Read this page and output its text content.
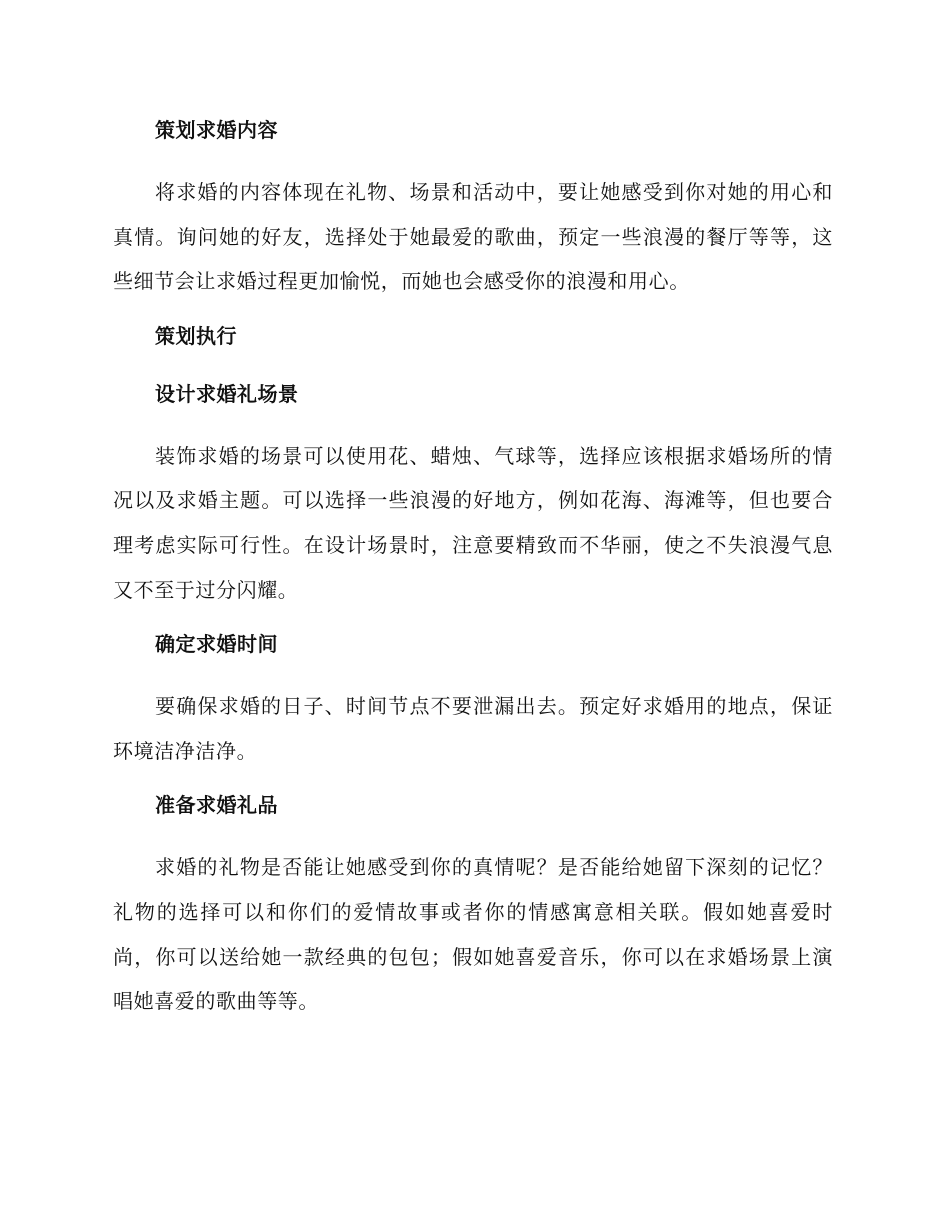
策划求婚内容

将求婚的内容体现在礼物、场景和活动中，要让她感受到你对她的用心和真情。询问她的好友，选择处于她最爱的歌曲，预定一些浪漫的餐厅等等，这些细节会让求婚过程更加愉悦，而她也会感受你的浪漫和用心。

策划执行
设计求婚礼场景

装饰求婚的场景可以使用花、蜡烛、气球等，选择应该根据求婚场所的情况以及求婚主题。可以选择一些浪漫的好地方，例如花海、海滩等，但也要合理考虑实际可行性。在设计场景时，注意要精致而不华丽，使之不失浪漫气息又不至于过分闪耀。

确定求婚时间

要确保求婚的日子、时间节点不要泄漏出去。预定好求婚用的地点，保证环境洁净洁净。

准备求婚礼品

求婚的礼物是否能让她感受到你的真情呢？是否能给她留下深刻的记忆？礼物的选择可以和你们的爱情故事或者你的情感寓意相关联。假如她喜爱时尚，你可以送给她一款经典的包包；假如她喜爱音乐，你可以在求婚场景上演唱她喜爱的歌曲等等。
